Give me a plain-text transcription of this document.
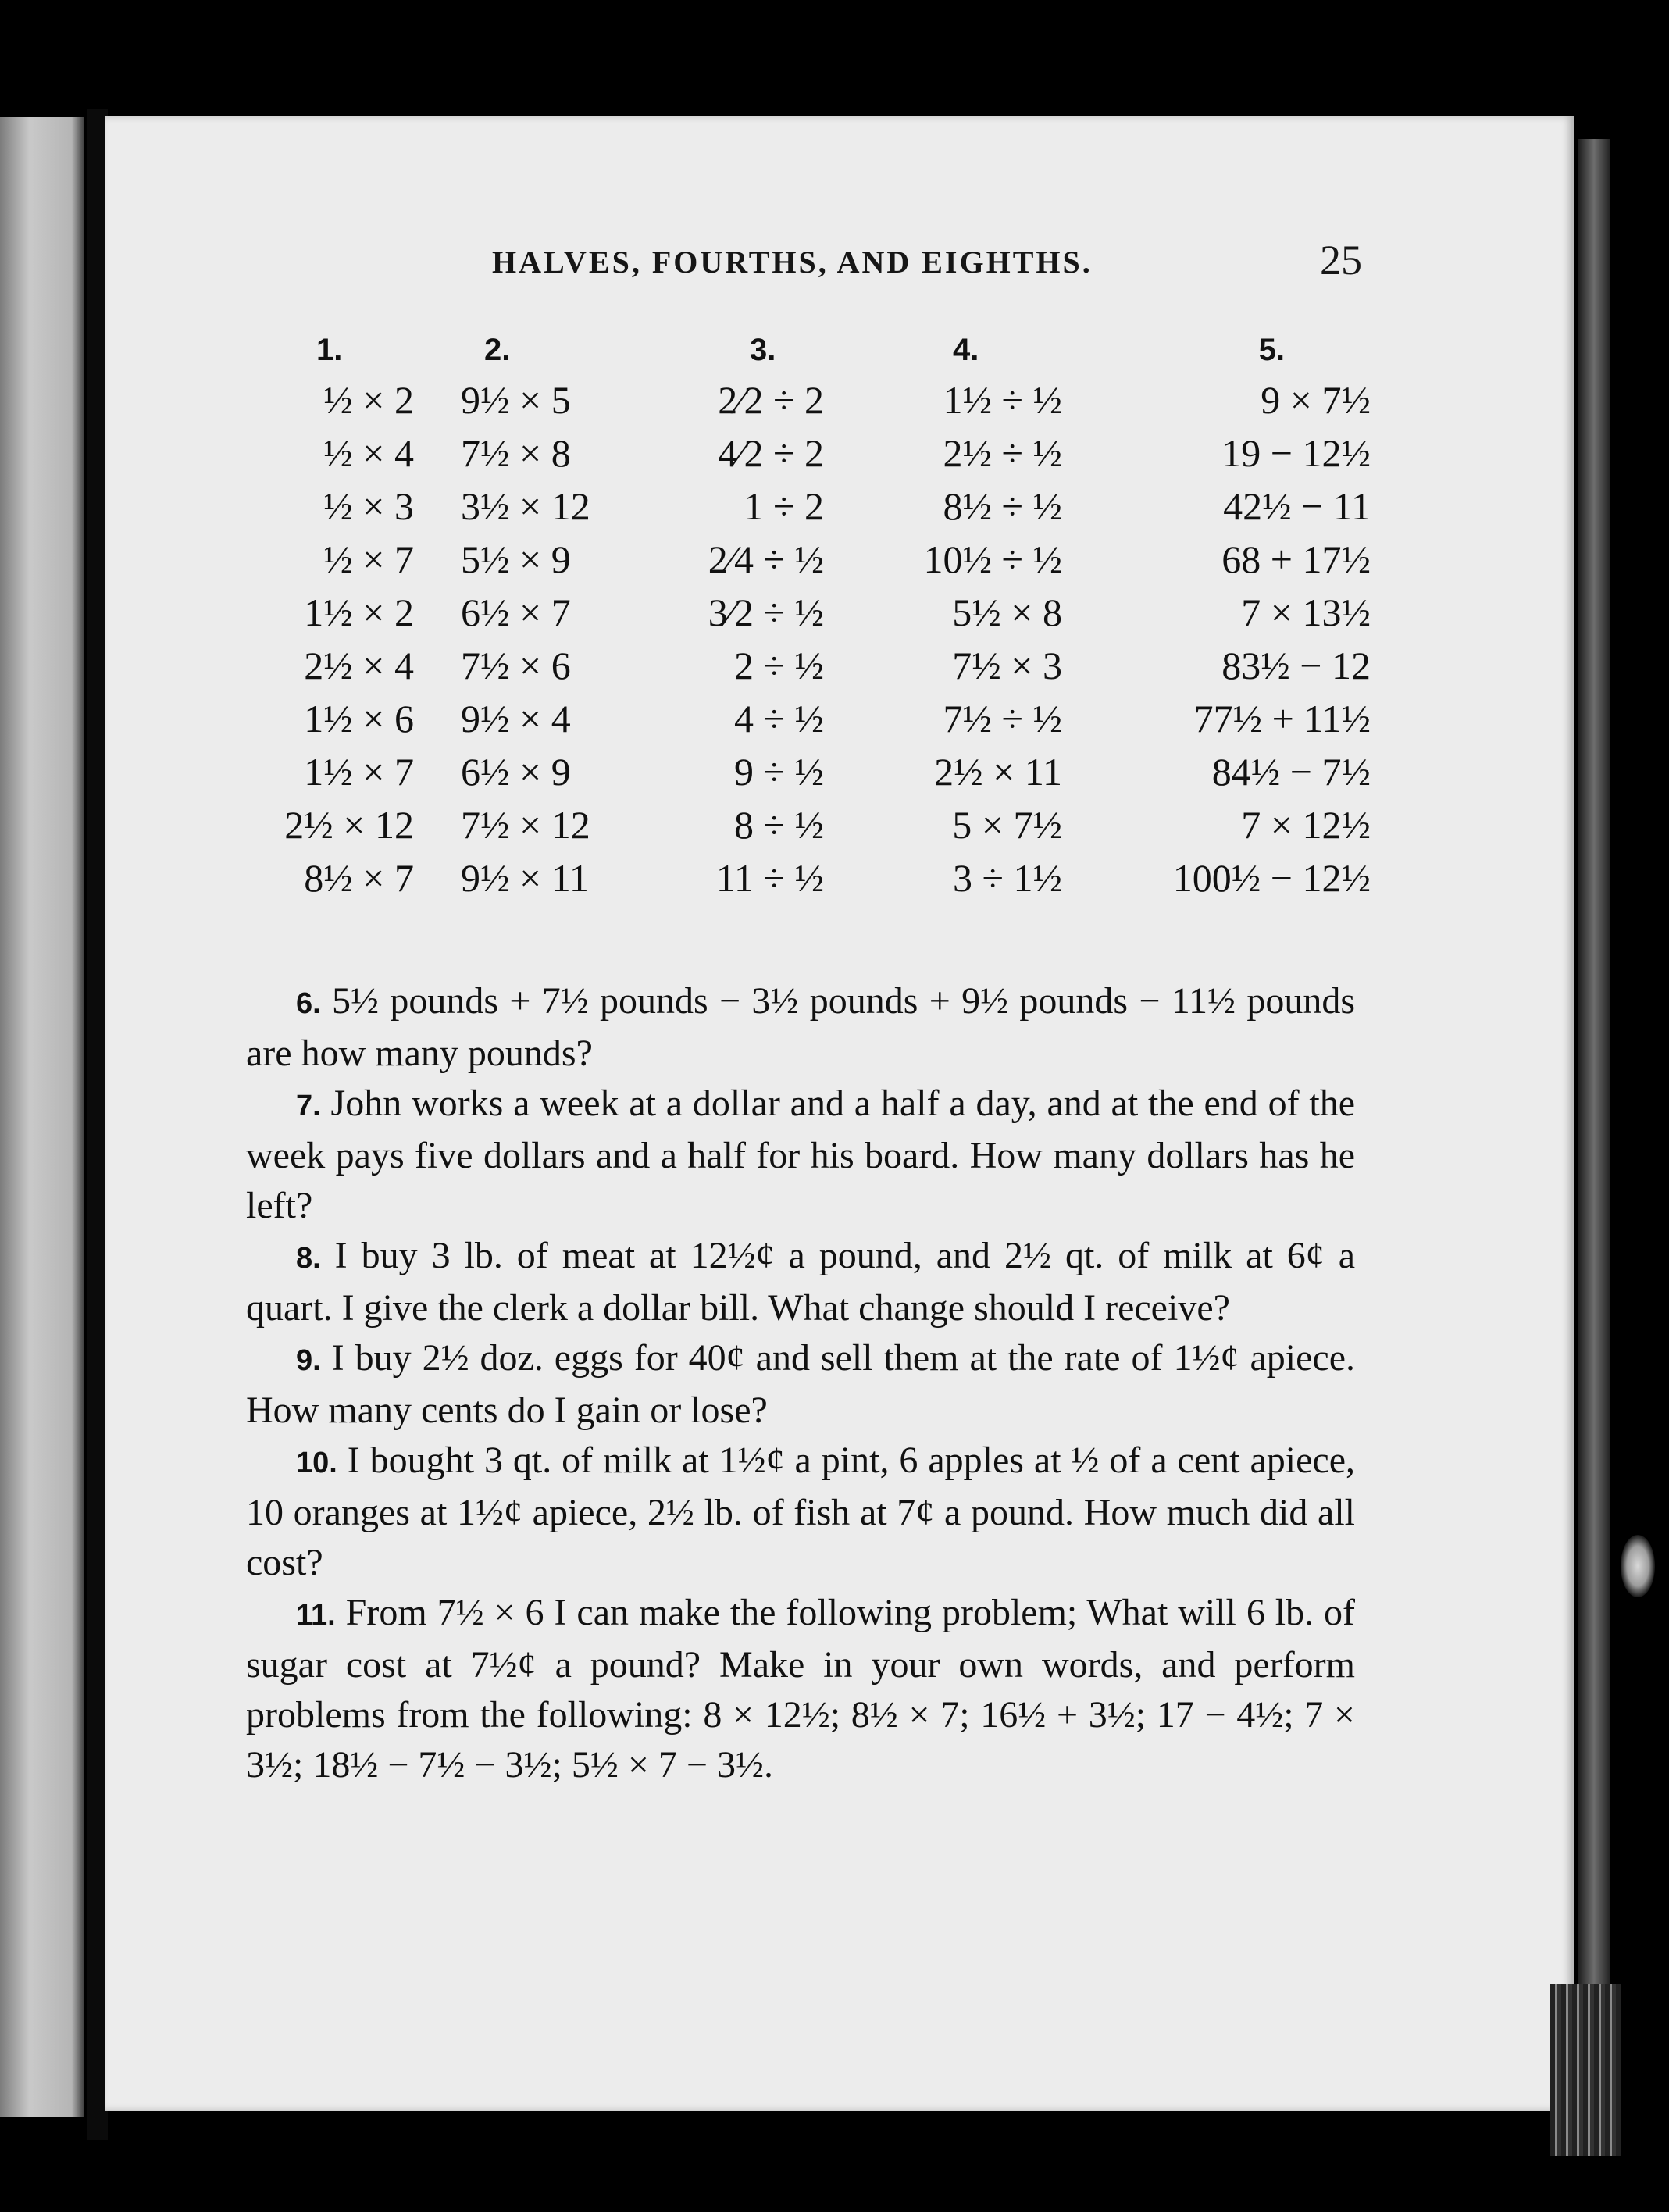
HALVES, FOURTHS, AND EIGHTHS.	25
1.
½ × 2
½ × 4
½ × 3
½ × 7
1½ × 2
2½ × 4
1½ × 6
1½ × 7
2½ × 12
8½ × 7
2.
9½ × 5
7½ × 8
3½ × 12
5½ × 9
6½ × 7
7½ × 6
9½ × 4
6½ × 9
7½ × 12
9½ × 11
3.
2⁄2 ÷ 2
4⁄2 ÷ 2
1 ÷ 2
2⁄4 ÷ ½
3⁄2 ÷ ½
2 ÷ ½
4 ÷ ½
9 ÷ ½
8 ÷ ½
11 ÷ ½
4.
1½ ÷ ½
2½ ÷ ½
8½ ÷ ½
10½ ÷ ½
5½ × 8
7½ × 3
7½ ÷ ½
2½ × 11
5 × 7½
3 ÷ 1½
5.
9 × 7½
19 − 12½
42½ − 11
68 + 17½
7 × 13½
83½ − 12
77½ + 11½
84½ − 7½
7 × 12½
100½ − 12½

6. 5½ pounds + 7½ pounds − 3½ pounds + 9½ pounds − 11½ pounds are how many pounds?

7. John works a week at a dollar and a half a day, and at the end of the week pays five dollars and a half for his board. How many dollars has he left?

8. I buy 3 lb. of meat at 12½¢ a pound, and 2½ qt. of milk at 6¢ a quart. I give the clerk a dollar bill. What change should I receive?

9. I buy 2½ doz. eggs for 40¢ and sell them at the rate of 1½¢ apiece. How many cents do I gain or lose?

10. I bought 3 qt. of milk at 1½¢ a pint, 6 apples at ½ of a cent apiece, 10 oranges at 1½¢ apiece, 2½ lb. of fish at 7¢ a pound. How much did all cost?

11. From 7½ × 6 I can make the following problem; What will 6 lb. of sugar cost at 7½¢ a pound? Make in your own words, and perform problems from the following: 8 × 12½; 8½ × 7; 16½ + 3½; 17 − 4½; 7 × 3½; 18½ − 7½ − 3½; 5½ × 7 − 3½.
